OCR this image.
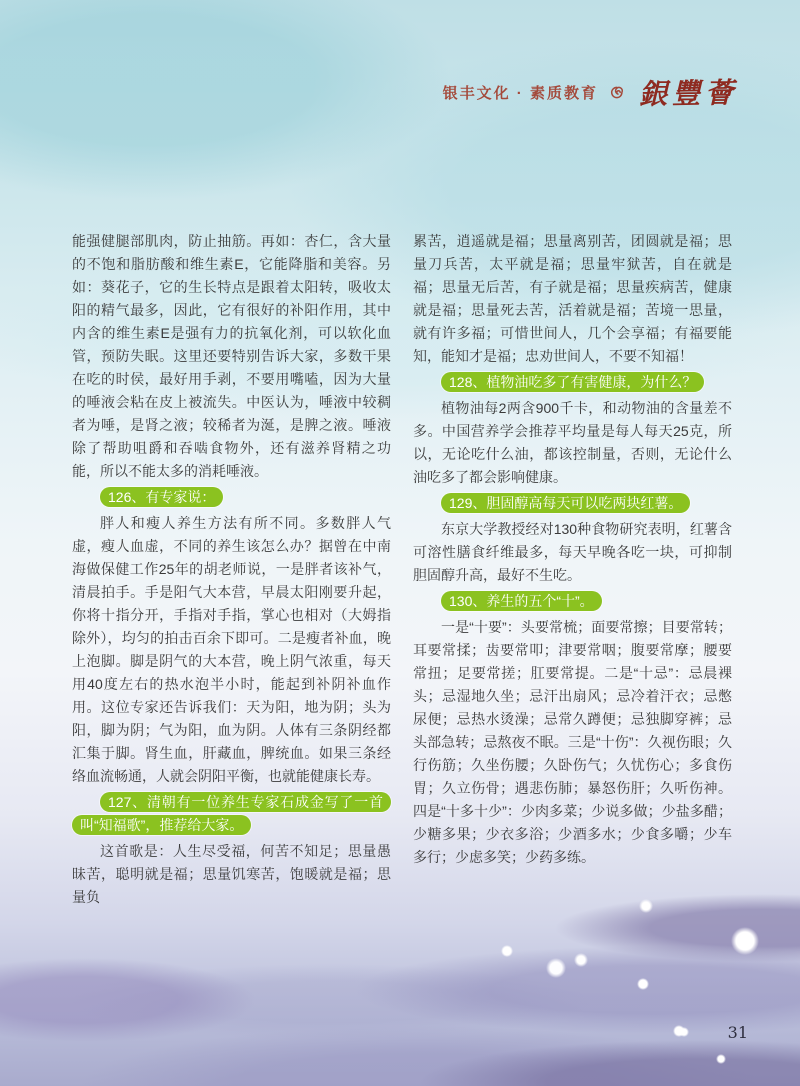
银丰文化 · 素质教育 銀豐薈

能强健腿部肌肉，防止抽筋。再如：杏仁，含大量的不饱和脂肪酸和维生素E，它能降脂和美容。另如：葵花子，它的生长特点是跟着太阳转，吸收太阳的精气最多，因此，它有很好的补阳作用，其中内含的维生素E是强有力的抗氧化剂，可以软化血管，预防失眠。这里还要特别告诉大家，多数干果在吃的时侯，最好用手剥，不要用嘴嗑，因为大量的唾液会粘在皮上被流失。中医认为，唾液中较稠者为唾，是肾之液；较稀者为涎，是脾之液。唾液除了帮助咀爵和吞啮食物外，还有滋养肾精之功能，所以不能太多的消耗唾液。

126、有专家说：

胖人和瘦人养生方法有所不同。多数胖人气虚，瘦人血虚，不同的养生该怎么办？据曾在中南海做保健工作25年的胡老师说，一是胖者该补气，清晨拍手。手是阳气大本营，早晨太阳刚要升起，你将十指分开，手指对手指，掌心也相对（大姆指除外），均匀的拍击百余下即可。二是瘦者补血，晚上泡脚。脚是阴气的大本营，晚上阴气浓重，每天用40度左右的热水泡半小时，能起到补阴补血作用。这位专家还告诉我们：天为阳，地为阴；头为阳，脚为阴；气为阳，血为阴。人体有三条阴经都汇集于脚。肾生血，肝藏血，脾统血。如果三条经络血流畅通，人就会阴阳平衡，也就能健康长寿。

127、清朝有一位养生专家石成金写了一首叫“知福歌”，推荐给大家。

这首歌是：人生尽受福，何苦不知足；思量愚昧苦，聪明就是福；思量饥寒苦，饱暖就是福；思量负

累苦，逍遥就是福；思量离别苦，团圆就是福；思量刀兵苦，太平就是福；思量牢狱苦，自在就是福；思量无后苦，有子就是福；思量疾病苦，健康就是福；思量死去苦，活着就是福；苦境一思量，就有许多福；可惜世间人，几个会享福；有福要能知，能知才是福；忠劝世间人，不要不知福！

128、植物油吃多了有害健康，为什么？

植物油每2两含900千卡，和动物油的含量差不多。中国营养学会推荐平均量是每人每天25克，所以，无论吃什么油，都该控制量，否则，无论什么油吃多了都会影响健康。

129、胆固醇高每天可以吃两块红薯。

东京大学教授经对130种食物研究表明，红薯含可溶性膳食纤维最多，每天早晚各吃一块，可抑制胆固醇升高，最好不生吃。

130、养生的五个“十”。

一是“十要”：头要常梳；面要常擦；目要常转；耳要常揉；齿要常叩；津要常咽；腹要常摩；腰要常扭；足要常搓；肛要常提。二是“十忌”：忌晨裸头；忌湿地久坐；忌汗出扇风；忌冷着汗衣；忌憋尿便；忌热水烫澡；忌常久蹲便；忌独脚穿裤；忌头部急转；忌熬夜不眠。三是“十伤”：久视伤眼；久行伤筋；久坐伤腰；久卧伤气；久忧伤心；多食伤胃；久立伤骨；遇悲伤肺；暴怒伤肝；久听伤神。四是“十多十少”：少肉多菜；少说多做；少盐多醋；少糖多果；少衣多浴；少酒多水；少食多嚼；少车多行；少虑多笑；少药多练。

31
